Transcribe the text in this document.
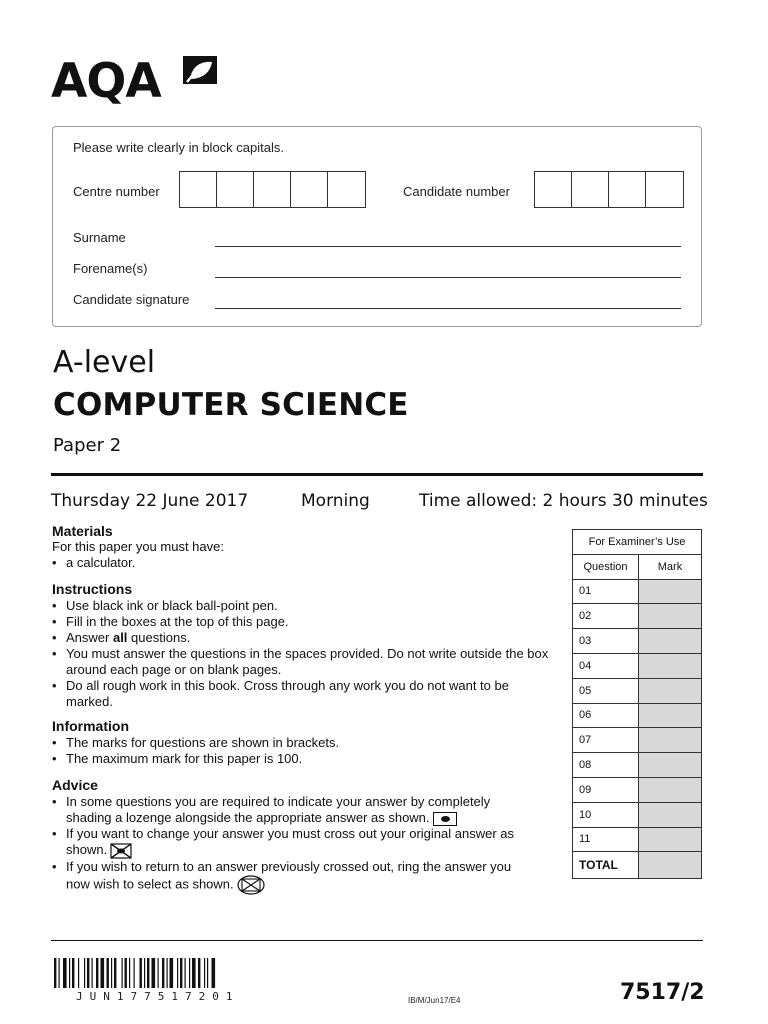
AQA
Please write clearly in block capitals.
Centre number	Candidate number
Surname
Forename(s)
Candidate signature
A-level
COMPUTER SCIENCE
Paper 2
Thursday 22 June 2017	Morning	Time allowed: 2 hours 30 minutes
Materials
For this paper you must have:
• a calculator.
Instructions
• Use black ink or black ball-point pen.
• Fill in the boxes at the top of this page.
• Answer all questions.
• You must answer the questions in the spaces provided. Do not write outside the box around each page or on blank pages.
• Do all rough work in this book. Cross through any work you do not want to be marked.
Information
• The marks for questions are shown in brackets.
• The maximum mark for this paper is 100.
Advice
• In some questions you are required to indicate your answer by completely shading a lozenge alongside the appropriate answer as shown.
• If you want to change your answer you must cross out your original answer as shown.
• If you wish to return to an answer previously crossed out, ring the answer you now wish to select as shown.
For Examiner’s Use	
Question	Mark
01	
02	
03	
04	
05	
06	
07	
08	
09	
10	
11	
TOTAL	
JUN177517201	IB/M/Jun17/E4	7517/2
